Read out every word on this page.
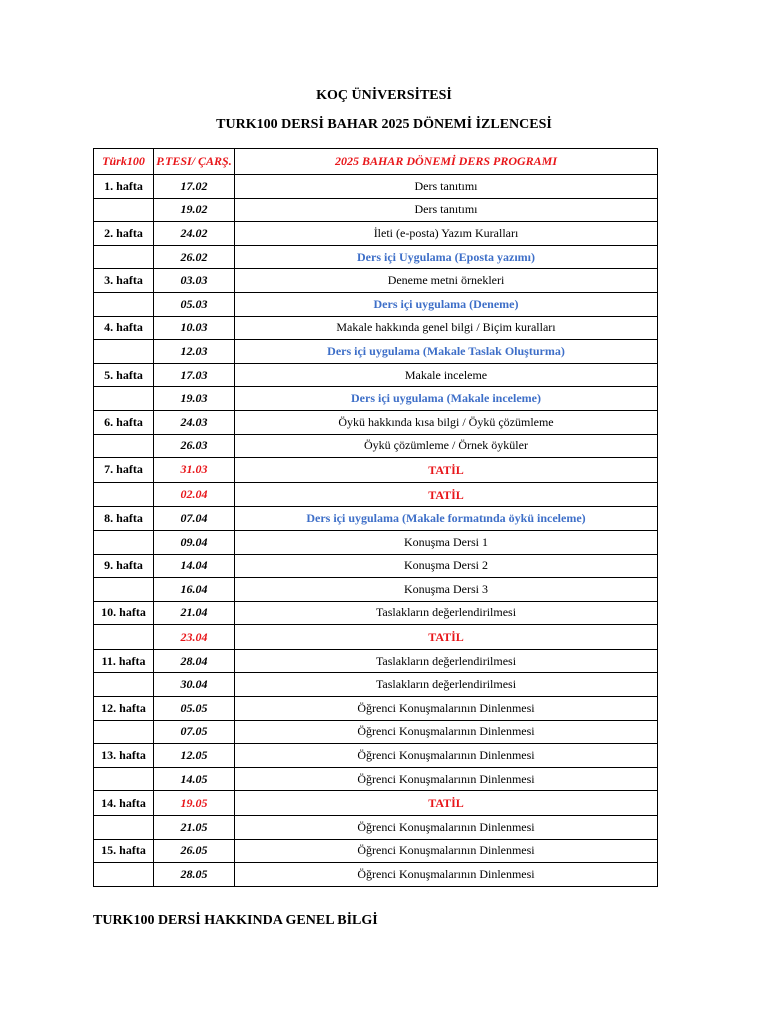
KOÇ ÜNİVERSİTESİ
TURK100 DERSİ BAHAR 2025 DÖNEMİ İZLENCESİ
Türk100	P.TESI/ ÇARŞ.	2025 BAHAR DÖNEMİ DERS PROGRAMI
1. hafta	17.02	Ders tanıtımı
	19.02	Ders tanıtımı
2. hafta	24.02	İleti (e-posta) Yazım Kuralları
	26.02	Ders içi Uygulama (Eposta yazımı)
3. hafta	03.03	Deneme metni örnekleri
	05.03	Ders içi uygulama (Deneme)
4. hafta	10.03	Makale hakkında genel bilgi / Biçim kuralları
	12.03	Ders içi uygulama (Makale Taslak Oluşturma)
5. hafta	17.03	Makale inceleme
	19.03	Ders içi uygulama (Makale inceleme)
6. hafta	24.03	Öykü hakkında kısa bilgi / Öykü çözümleme
	26.03	Öykü çözümleme / Örnek öyküler
7. hafta	31.03	TATİL
	02.04	TATİL
8. hafta	07.04	Ders içi uygulama (Makale formatında öykü inceleme)
	09.04	Konuşma Dersi 1
9. hafta	14.04	Konuşma Dersi 2
	16.04	Konuşma Dersi 3
10. hafta	21.04	Taslakların değerlendirilmesi
	23.04	TATİL
11. hafta	28.04	Taslakların değerlendirilmesi
	30.04	Taslakların değerlendirilmesi
12. hafta	05.05	Öğrenci Konuşmalarının Dinlenmesi
	07.05	Öğrenci Konuşmalarının Dinlenmesi
13. hafta	12.05	Öğrenci Konuşmalarının Dinlenmesi
	14.05	Öğrenci Konuşmalarının Dinlenmesi
14. hafta	19.05	TATİL
	21.05	Öğrenci Konuşmalarının Dinlenmesi
15. hafta	26.05	Öğrenci Konuşmalarının Dinlenmesi
	28.05	Öğrenci Konuşmalarının Dinlenmesi
TURK100 DERSİ HAKKINDA GENEL BİLGİ
